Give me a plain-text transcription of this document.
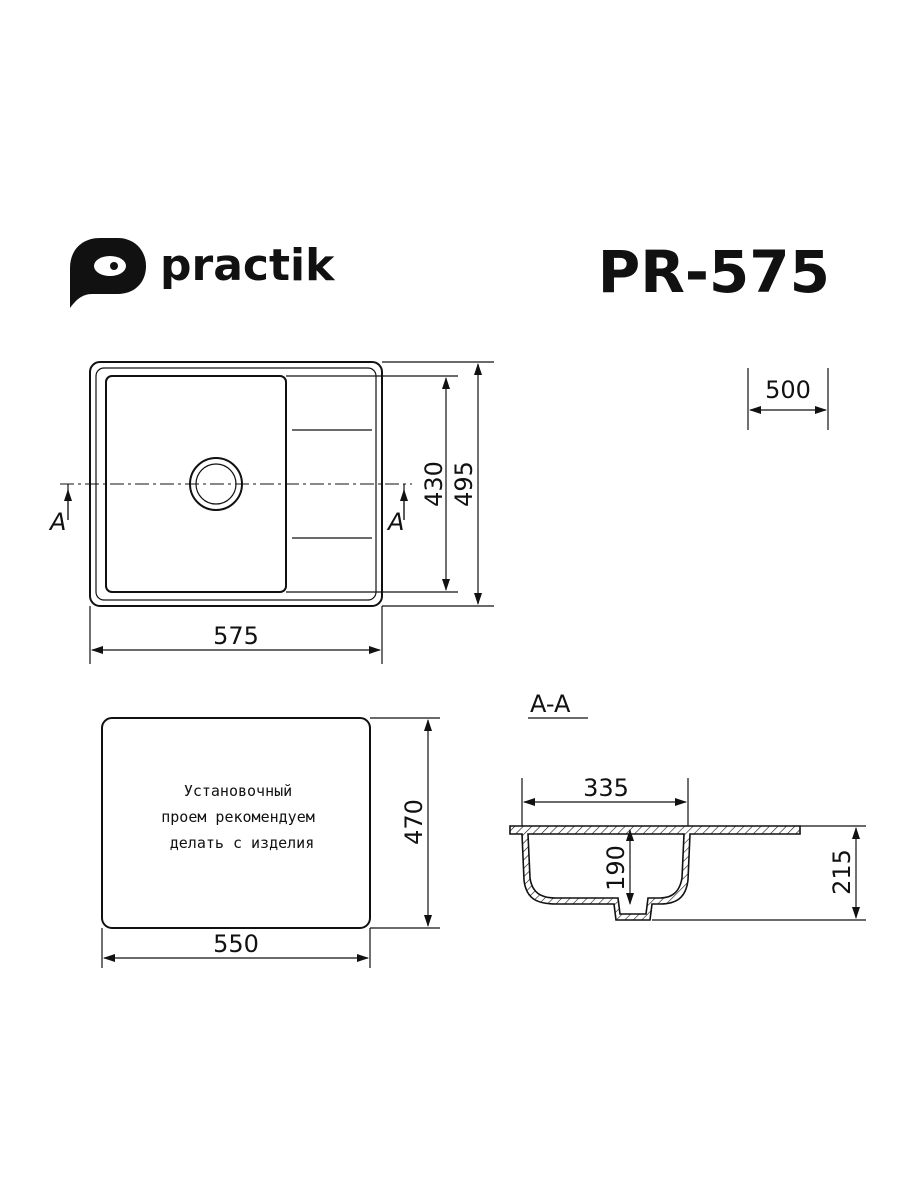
practik	PR-575
A	A
575
430 495
500
Установочный
проем рекомендуем
делать с изделия	470
550
A-A
335
190	215
